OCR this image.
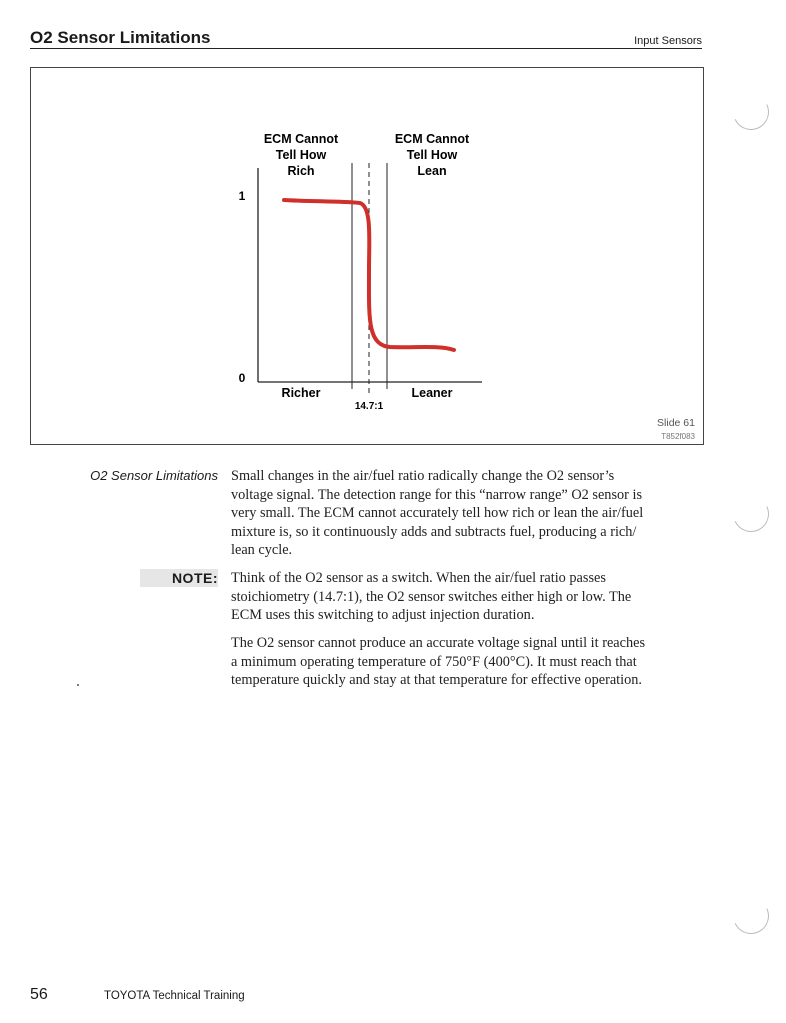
O2 Sensor Limitations	Input Sensors
1
0
ECM Cannot
Tell How
Rich
ECM Cannot
Tell How
Lean
Richer	Leaner
14.7:1
Slide 61
T852f083
O2 Sensor Limitations Small changes in the air/fuel ratio radically change the O2 sensor’s
voltage signal. The detection range for this “narrow range” O2 sensor is
very small. The ECM cannot accurately tell how rich or lean the air/fuel
mixture is, so it continuously adds and subtracts fuel, producing a rich/
lean cycle.
NOTE: Think of the O2 sensor as a switch. When the air/fuel ratio passes
stoichiometry (14.7:1), the O2 sensor switches either high or low. The
ECM uses this switching to adjust injection duration.
The O2 sensor cannot produce an accurate voltage signal until it reaches
a minimum operating temperature of 750°F (400°C). It must reach that
temperature quickly and stay at that temperature for effective operation.
56	TOYOTA Technical Training
